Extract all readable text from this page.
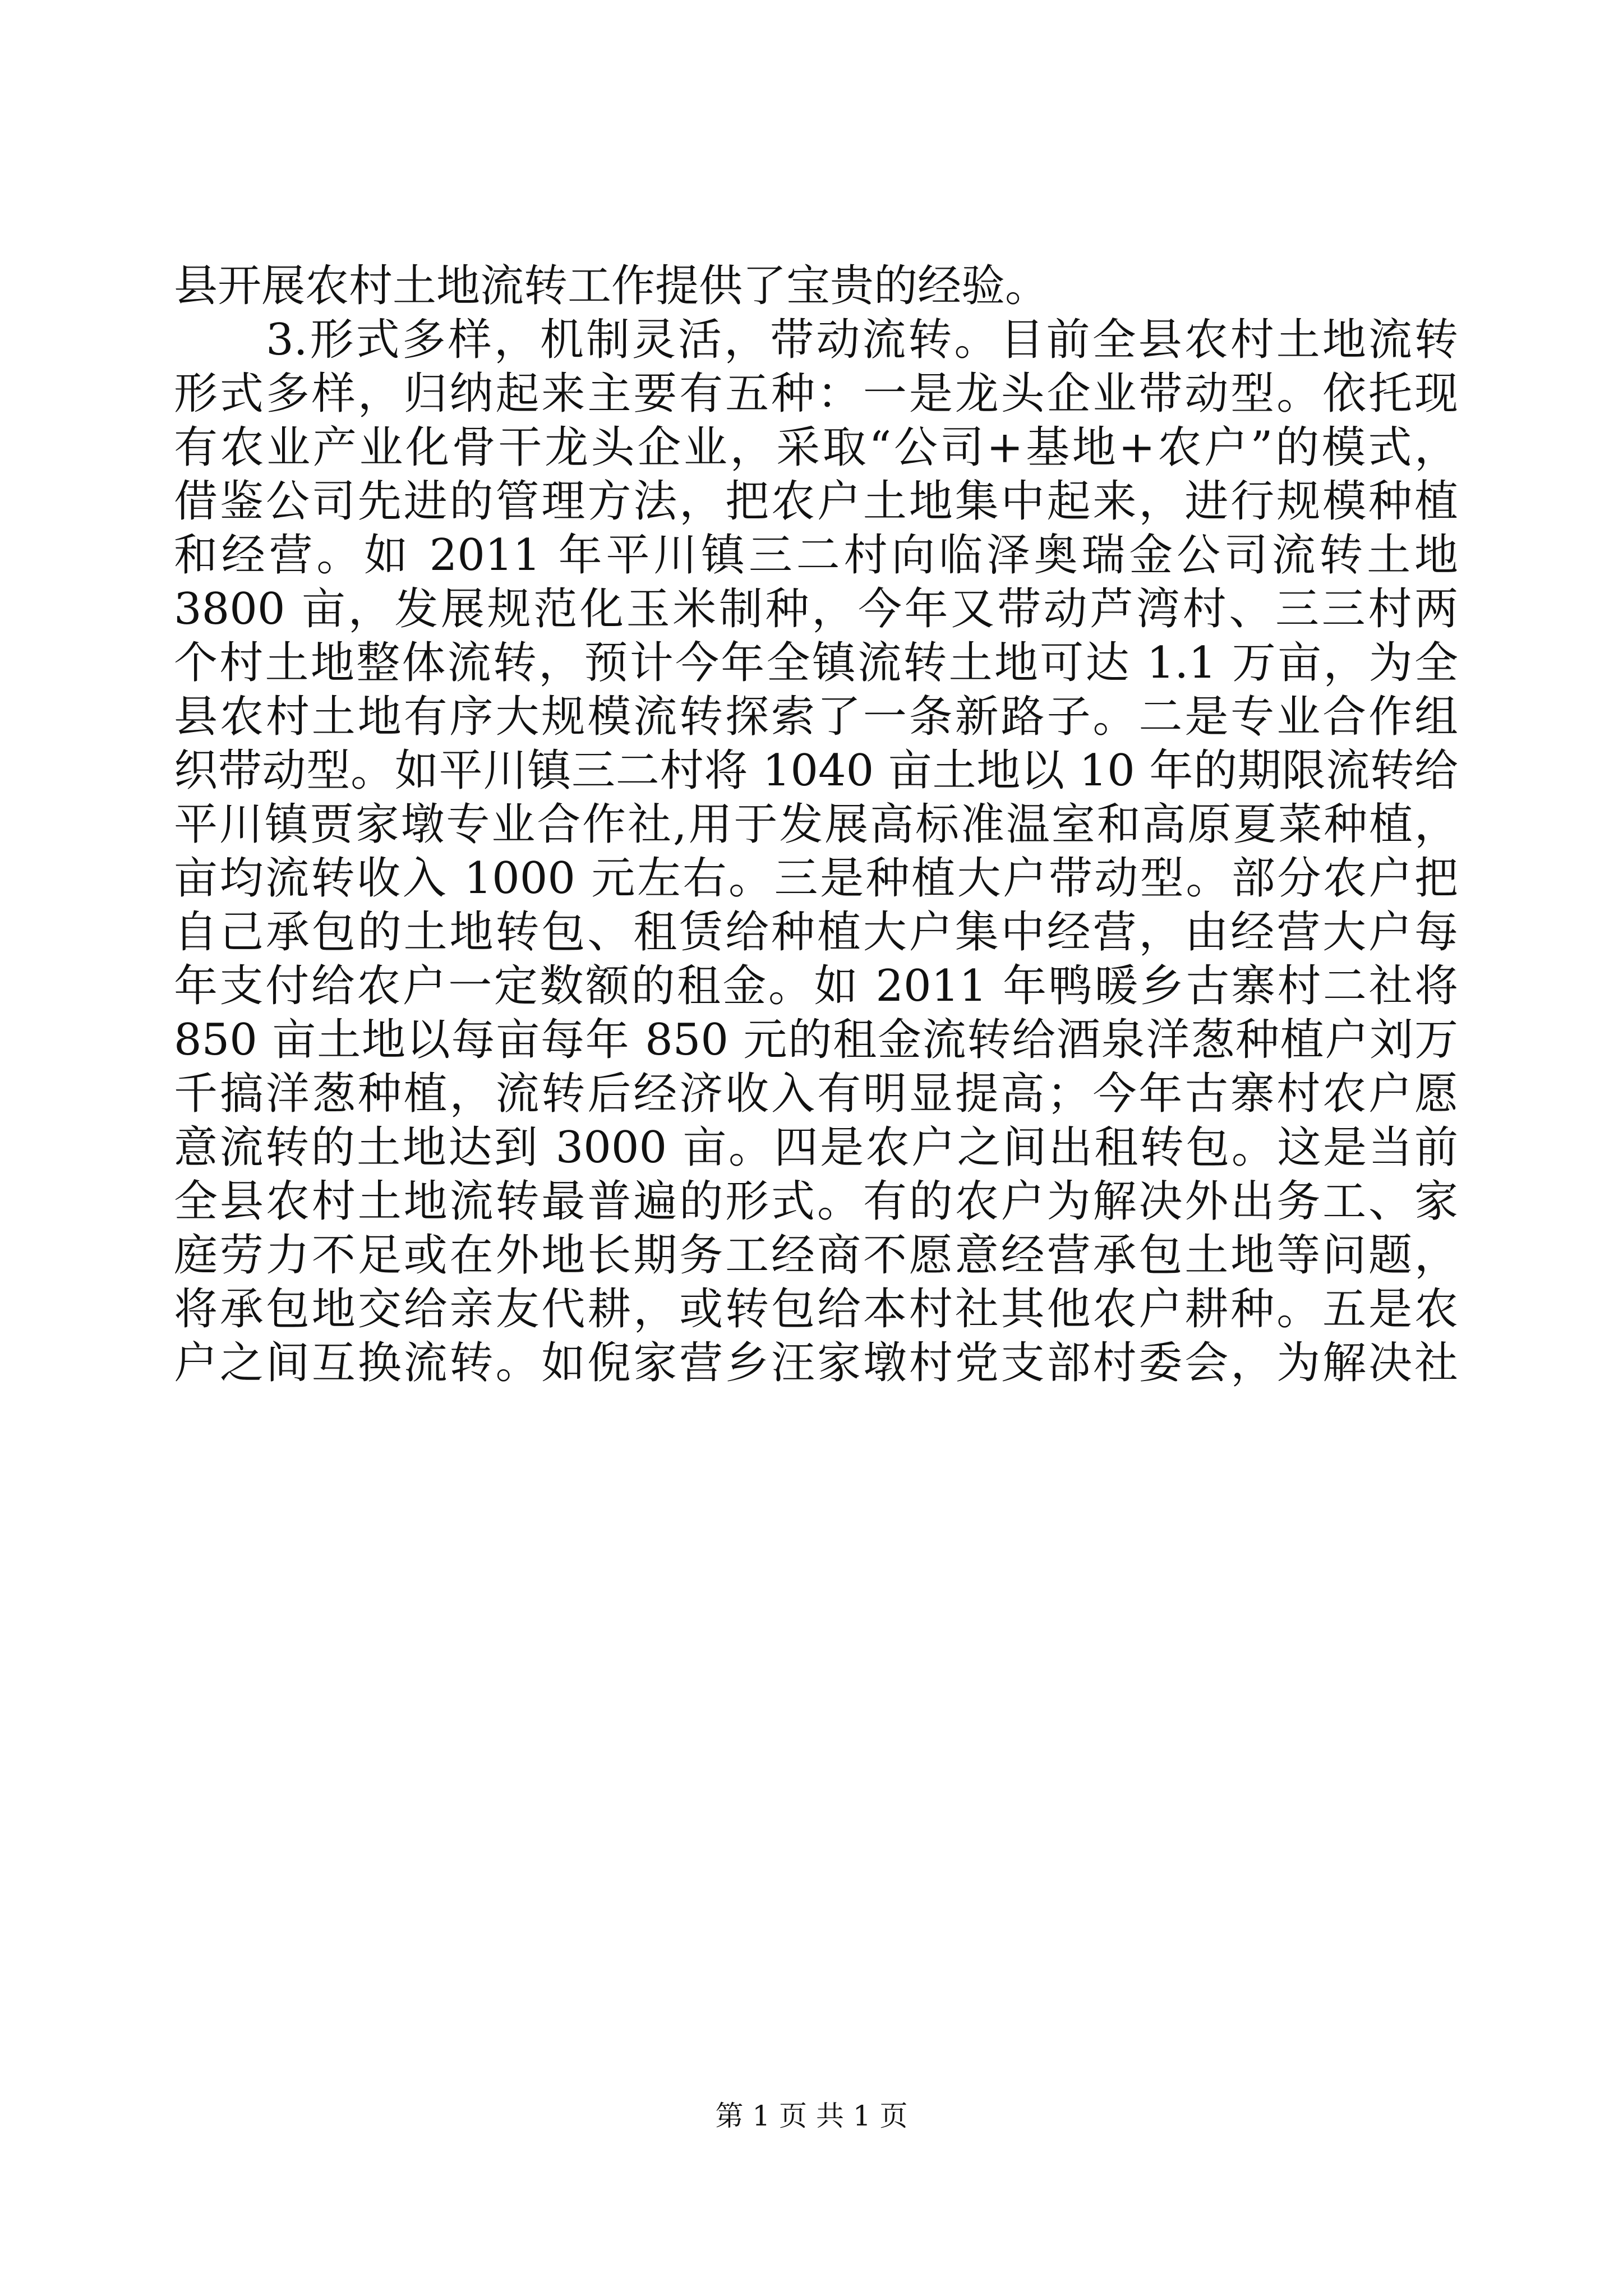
县开展农村土地流转工作提供了宝贵的经验。
　　3.形式多样，机制灵活，带动流转。目前全县农村土地流转
形式多样，归纳起来主要有五种：一是龙头企业带动型。依托现
有农业产业化骨干龙头企业，采取“公司+基地+农户”的模式，
借鉴公司先进的管理方法，把农户土地集中起来，进行规模种植
和经营。如 2011 年平川镇三二村向临泽奥瑞金公司流转土地
3800 亩，发展规范化玉米制种，今年又带动芦湾村、三三村两
个村土地整体流转，预计今年全镇流转土地可达 1.1 万亩，为全
县农村土地有序大规模流转探索了一条新路子。二是专业合作组
织带动型。如平川镇三二村将 1040 亩土地以 10 年的期限流转给
平川镇贾家墩专业合作社,用于发展高标准温室和高原夏菜种植，
亩均流转收入 1000 元左右。三是种植大户带动型。部分农户把
自己承包的土地转包、租赁给种植大户集中经营，由经营大户每
年支付给农户一定数额的租金。如 2011 年鸭暖乡古寨村二社将
850 亩土地以每亩每年 850 元的租金流转给酒泉洋葱种植户刘万
千搞洋葱种植，流转后经济收入有明显提高；今年古寨村农户愿
意流转的土地达到 3000 亩。四是农户之间出租转包。这是当前
全县农村土地流转最普遍的形式。有的农户为解决外出务工、家
庭劳力不足或在外地长期务工经商不愿意经营承包土地等问题，
将承包地交给亲友代耕，或转包给本村社其他农户耕种。五是农
户之间互换流转。如倪家营乡汪家墩村党支部村委会，为解决社
第 1 页 共 1 页
